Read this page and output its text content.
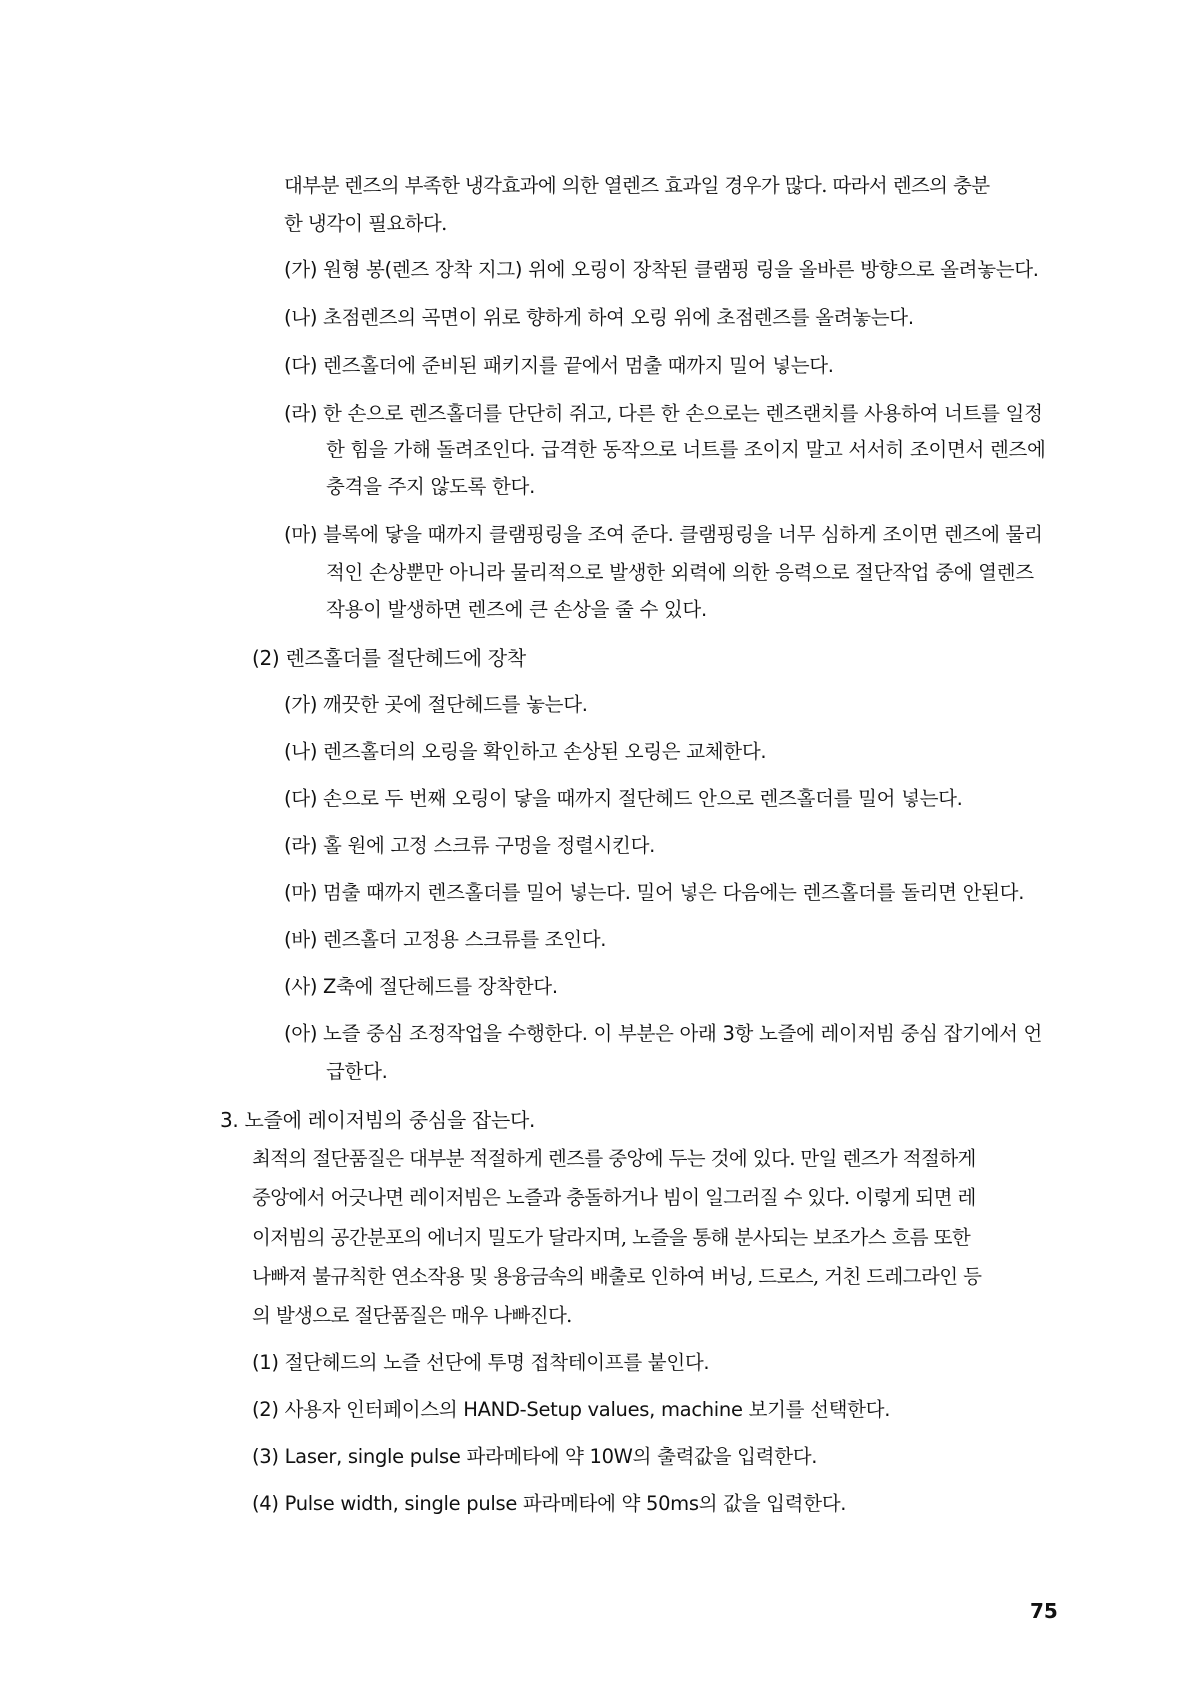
대부분 렌즈의 부족한 냉각효과에 의한 열렌즈 효과일 경우가 많다. 따라서 렌즈의 충분
한 냉각이 필요하다.
(가) 원형 봉(렌즈 장착 지그) 위에 오링이 장착된 클램핑 링을 올바른 방향으로 올려놓는다.
(나) 초점렌즈의 곡면이 위로 향하게 하여 오링 위에 초점렌즈를 올려놓는다.
(다) 렌즈홀더에 준비된 패키지를 끝에서 멈출 때까지 밀어 넣는다.
(라) 한 손으로 렌즈홀더를 단단히 쥐고, 다른 한 손으로는 렌즈랜치를 사용하여 너트를 일정
한 힘을 가해 돌려조인다. 급격한 동작으로 너트를 조이지 말고 서서히 조이면서 렌즈에
충격을 주지 않도록 한다.
(마) 블록에 닿을 때까지 클램핑링을 조여 준다. 클램핑링을 너무 심하게 조이면 렌즈에 물리
적인 손상뿐만 아니라 물리적으로 발생한 외력에 의한 응력으로 절단작업 중에 열렌즈
작용이 발생하면 렌즈에 큰 손상을 줄 수 있다.
(2) 렌즈홀더를 절단헤드에 장착
(가) 깨끗한 곳에 절단헤드를 놓는다.
(나) 렌즈홀더의 오링을 확인하고 손상된 오링은 교체한다.
(다) 손으로 두 번째 오링이 닿을 때까지 절단헤드 안으로 렌즈홀더를 밀어 넣는다.
(라) 홀 원에 고정 스크류 구멍을 정렬시킨다.
(마) 멈출 때까지 렌즈홀더를 밀어 넣는다. 밀어 넣은 다음에는 렌즈홀더를 돌리면 안된다.
(바) 렌즈홀더 고정용 스크류를 조인다.
(사) Z축에 절단헤드를 장착한다.
(아) 노즐 중심 조정작업을 수행한다. 이 부분은 아래 3항 노즐에 레이저빔 중심 잡기에서 언
급한다.
3. 노즐에 레이저빔의 중심을 잡는다.
최적의 절단품질은 대부분 적절하게 렌즈를 중앙에 두는 것에 있다. 만일 렌즈가 적절하게
중앙에서 어긋나면 레이저빔은 노즐과 충돌하거나 빔이 일그러질 수 있다. 이렇게 되면 레
이저빔의 공간분포의 에너지 밀도가 달라지며, 노즐을 통해 분사되는 보조가스 흐름 또한
나빠져 불규칙한 연소작용 및 용융금속의 배출로 인하여 버닝, 드로스, 거친 드레그라인 등
의 발생으로 절단품질은 매우 나빠진다.
(1) 절단헤드의 노즐 선단에 투명 접착테이프를 붙인다.
(2) 사용자 인터페이스의 HAND-Setup values, machine 보기를 선택한다.
(3) Laser, single pulse 파라메타에 약 10W의 출력값을 입력한다.
(4) Pulse width, single pulse 파라메타에 약 50ms의 값을 입력한다.
75
